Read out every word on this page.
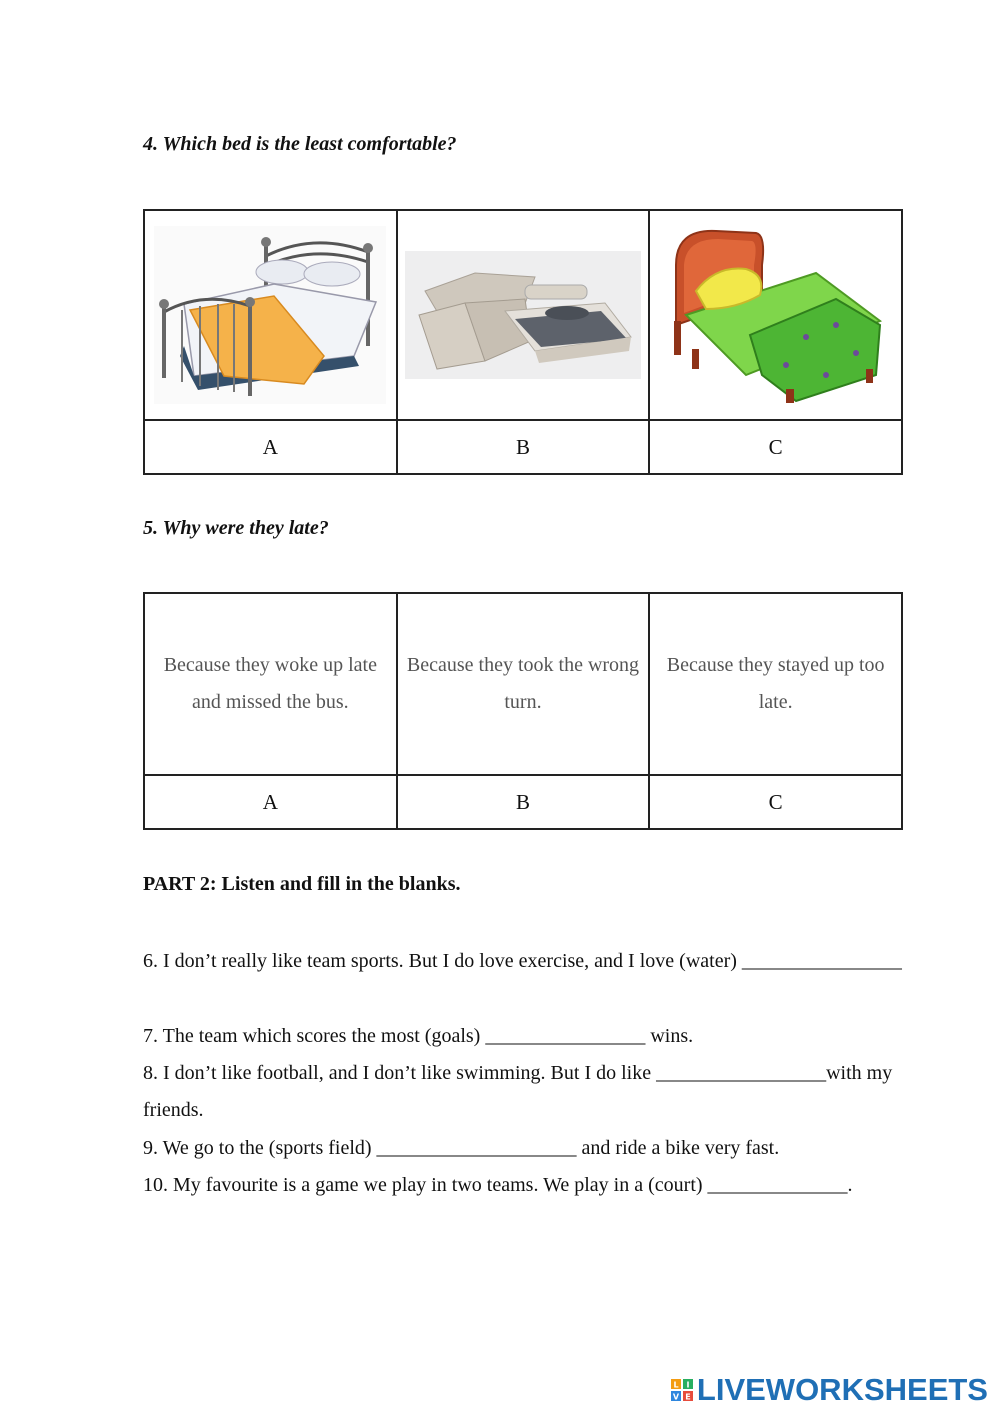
4. Which bed is the least comfortable?

A	B	C

5. Why were they late?

Because they woke up late and missed the bus.	Because they took the wrong turn.	Because they stayed up too late.
A	B	C

PART 2: Listen and fill in the blanks.

6. I don’t really like team sports. But I do love exercise, and I love (water) ________________

7. The team which scores the most (goals) ________________ wins.

8. I don’t like football, and I don’t like swimming. But I do like _________________with my friends.

9. We go to the (sports field) ____________________ and ride a bike very fast.

10. My favourite is a game we play in two teams. We play in a (court) ______________.

L I
V E LIVEWORKSHEETS
